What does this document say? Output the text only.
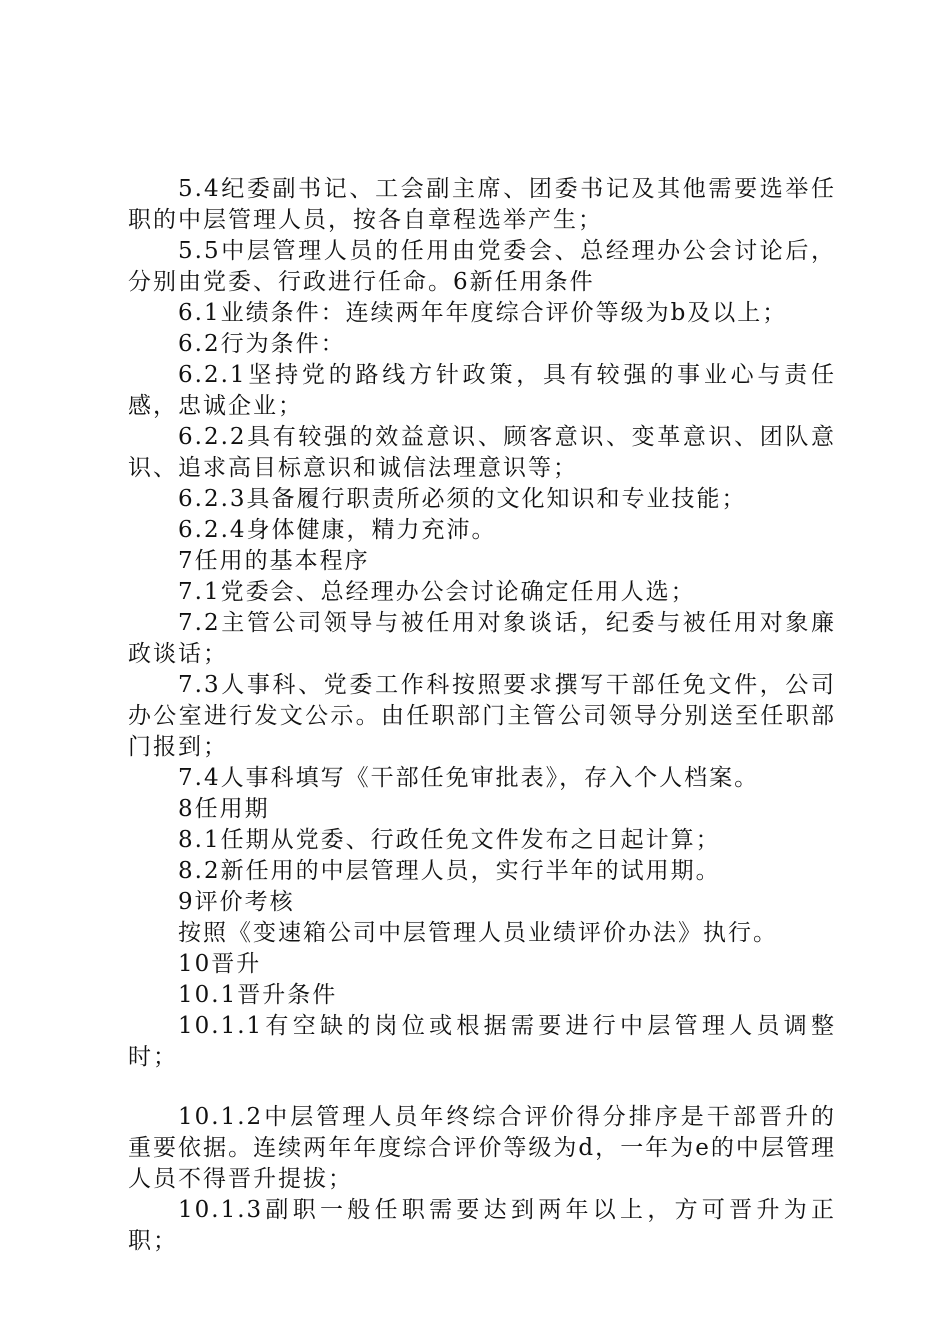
5.4纪委副书记、工会副主席、团委书记及其他需要选举任职的中层管理人员，按各自章程选举产生；

5.5中层管理人员的任用由党委会、总经理办公会讨论后，分别由党委、行政进行任命。6新任用条件

6.1业绩条件：连续两年年度综合评价等级为b及以上；

6.2行为条件：

6.2.1坚持党的路线方针政策，具有较强的事业心与责任感，忠诚企业；

6.2.2具有较强的效益意识、顾客意识、变革意识、团队意识、追求高目标意识和诚信法理意识等；

6.2.3具备履行职责所必须的文化知识和专业技能；

6.2.4身体健康，精力充沛。

7任用的基本程序

7.1党委会、总经理办公会讨论确定任用人选；

7.2主管公司领导与被任用对象谈话，纪委与被任用对象廉政谈话；

7.3人事科、党委工作科按照要求撰写干部任免文件，公司办公室进行发文公示。由任职部门主管公司领导分别送至任职部门报到；

7.4人事科填写《干部任免审批表》，存入个人档案。

8任用期

8.1任期从党委、行政任免文件发布之日起计算；

8.2新任用的中层管理人员，实行半年的试用期。

9评价考核

按照《变速箱公司中层管理人员业绩评价办法》执行。

10晋升

10.1晋升条件

10.1.1有空缺的岗位或根据需要进行中层管理人员调整时；

10.1.2中层管理人员年终综合评价得分排序是干部晋升的重要依据。连续两年年度综合评价等级为d，一年为e的中层管理人员不得晋升提拔；

10.1.3副职一般任职需要达到两年以上，方可晋升为正职；
